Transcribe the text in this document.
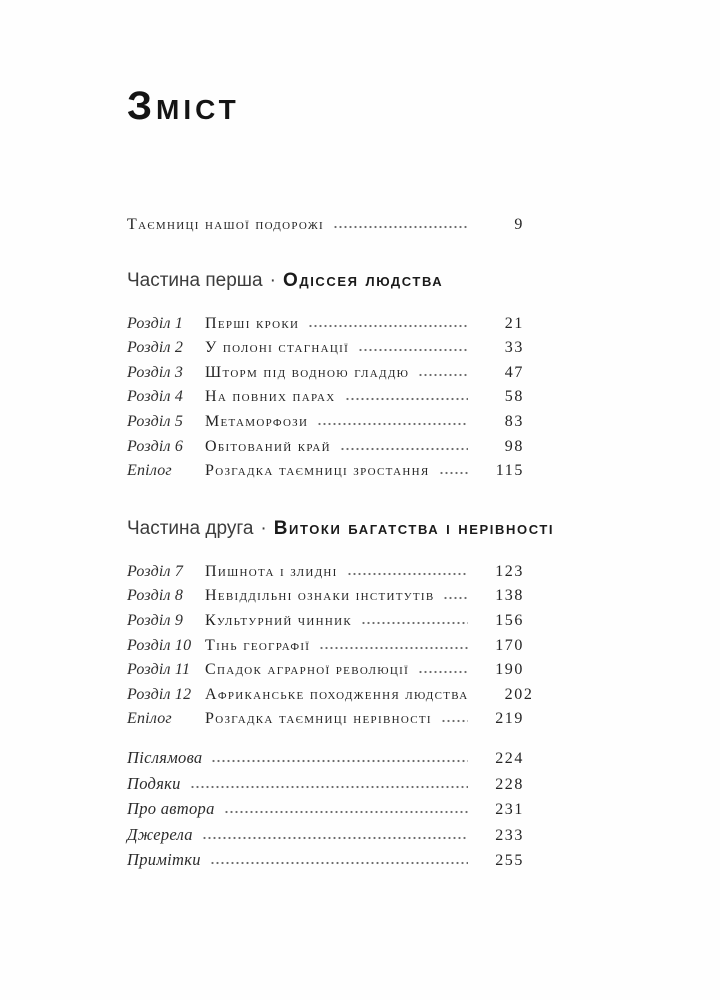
Зміст
Таємниці нашої подорожі	9
Частина перша · Одіссея людства
Розділ 1	Перші кроки	21
Розділ 2	У полоні стагнації	33
Розділ 3	Шторм під водною гладдю	47
Розділ 4	На повних парах	58
Розділ 5	Метаморфози	83
Розділ 6	Обітований край	98
Епілог	Розгадка таємниці зростання	115
Частина друга · Витоки багатства і нерівності
Розділ 7	Пишнота і злидні	123
Розділ 8	Невіддільні ознаки інститутів	138
Розділ 9	Культурний чинник	156
Розділ 10 Тінь географії	170
Розділ 11 Спадок аграрної революції	190
Розділ 12 Африканське походження людства	202
Епілог	Розгадка таємниці нерівності	219
Післямова	224
Подяки	228
Про автора	231
Джерела	233
Примітки	255
